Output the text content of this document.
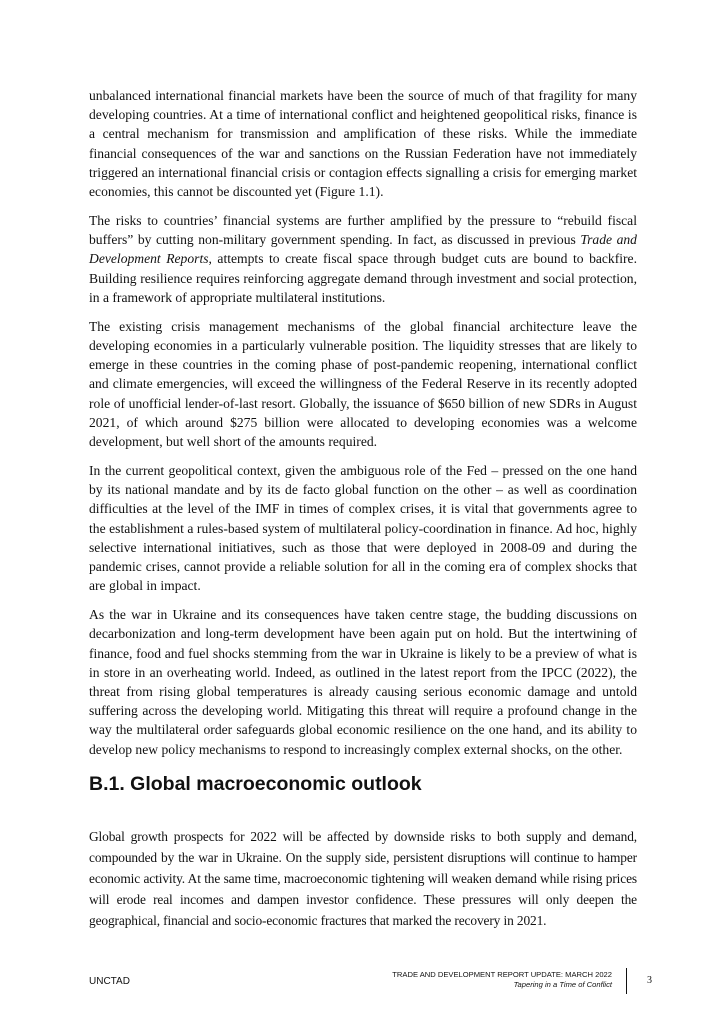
unbalanced international financial markets have been the source of much of that fragility for many developing countries. At a time of international conflict and heightened geopolitical risks, finance is a central mechanism for transmission and amplification of these risks. While the immediate financial consequences of the war and sanctions on the Russian Federation have not immediately triggered an international financial crisis or contagion effects signalling a crisis for emerging market economies, this cannot be discounted yet (Figure 1.1).

The risks to countries’ financial systems are further amplified by the pressure to “rebuild fiscal buffers” by cutting non-military government spending. In fact, as discussed in previous Trade and Development Reports, attempts to create fiscal space through budget cuts are bound to backfire. Building resilience requires reinforcing aggregate demand through investment and social protection, in a framework of appropriate multilateral institutions.

The existing crisis management mechanisms of the global financial architecture leave the developing economies in a particularly vulnerable position. The liquidity stresses that are likely to emerge in these countries in the coming phase of post-pandemic reopening, international conflict and climate emergencies, will exceed the willingness of the Federal Reserve in its recently adopted role of unofficial lender-of-last resort. Globally, the issuance of $650 billion of new SDRs in August 2021, of which around $275 billion were allocated to developing economies was a welcome development, but well short of the amounts required.

In the current geopolitical context, given the ambiguous role of the Fed – pressed on the one hand by its national mandate and by its de facto global function on the other – as well as coordination difficulties at the level of the IMF in times of complex crises, it is vital that governments agree to the establishment a rules-based system of multilateral policy-coordination in finance. Ad hoc, highly selective international initiatives, such as those that were deployed in 2008-09 and during the pandemic crises, cannot provide a reliable solution for all in the coming era of complex shocks that are global in impact.

As the war in Ukraine and its consequences have taken centre stage, the budding discussions on decarbonization and long-term development have been again put on hold. But the intertwining of finance, food and fuel shocks stemming from the war in Ukraine is likely to be a preview of what is in store in an overheating world. Indeed, as outlined in the latest report from the IPCC (2022), the threat from rising global temperatures is already causing serious economic damage and untold suffering across the developing world. Mitigating this threat will require a profound change in the way the multilateral order safeguards global economic resilience on the one hand, and its ability to develop new policy mechanisms to respond to increasingly complex external shocks, on the other.

B.1. Global macroeconomic outlook

Global growth prospects for 2022 will be affected by downside risks to both supply and demand, compounded by the war in Ukraine. On the supply side, persistent disruptions will continue to hamper economic activity. At the same time, macroeconomic tightening will weaken demand while rising prices will erode real incomes and dampen investor confidence. These pressures will only deepen the geographical, financial and socio-economic fractures that marked the recovery in 2021.

UNCTAD
TRADE AND DEVELOPMENT REPORT UPDATE: MARCH 2022
Tapering in a Time of Conflict	3
